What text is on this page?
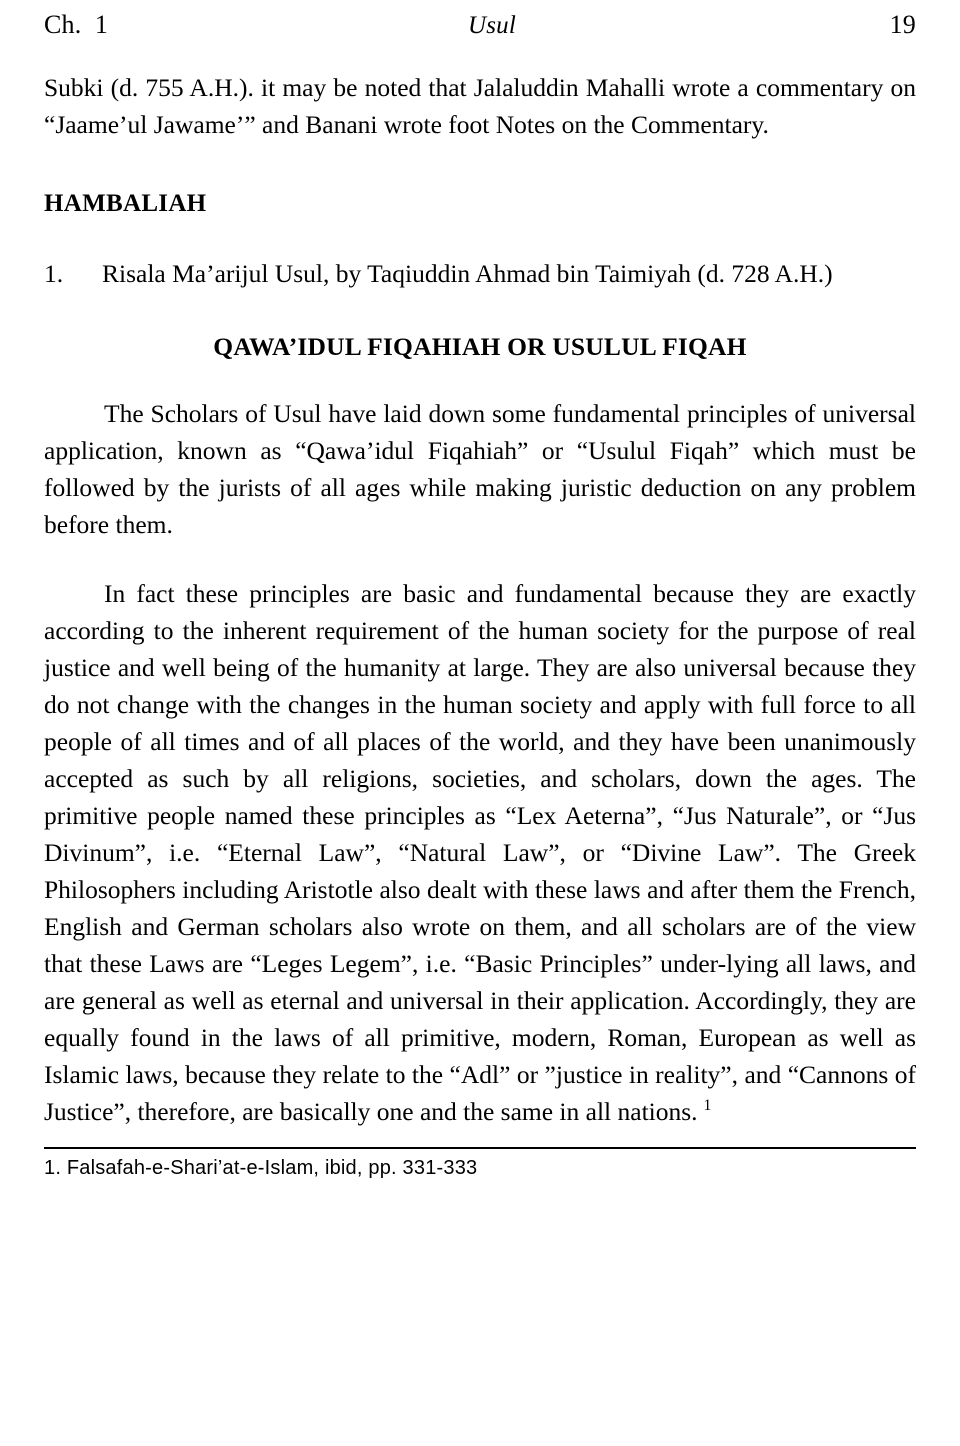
Ch.  1	Usul	19

Subki (d. 755 A.H.). it may be noted that Jalaluddin Mahalli wrote a commentary on “Jaame’ul Jawame’” and Banani wrote foot Notes on the Commentary.

HAMBALIAH

1.	Risala Ma’arijul Usul, by Taqiuddin Ahmad bin Taimiyah (d. 728 A.H.)

QAWA’IDUL FIQAHIAH OR USULUL FIQAH

The Scholars of Usul have laid down some fundamental principles of universal application, known as “Qawa’idul Fiqahiah” or “Usulul Fiqah” which must be followed by the jurists of all ages while making juristic deduction on any problem before them.

In fact these principles are basic and fundamental because they are exactly according to the inherent requirement of the human society for the purpose of real justice and well being of the humanity at large. They are also universal because they do not change with the changes in the human society and apply with full force to all people of all times and of all places of the world, and they have been unanimously accepted as such by all religions, societies, and scholars, down the ages. The primitive people named these principles as “Lex Aeterna”, “Jus Naturale”, or “Jus Divinum”, i.e. “Eternal Law”, “Natural Law”, or “Divine Law”. The Greek Philosophers including Aristotle also dealt with these laws and after them the French, English and German scholars also wrote on them, and all scholars are of the view that these Laws are “Leges Legem”, i.e. “Basic Principles” under-lying all laws, and are general as well as eternal and universal in their application. Accordingly, they are equally found in the laws of all primitive, modern, Roman, European as well as Islamic laws, because they relate to the “Adl” or ”justice in reality”, and “Cannons of Justice”, therefore, are basically one and the same in all nations. $^1$

1. Falsafah-e-Shari’at-e-Islam, ibid, pp. 331-333
